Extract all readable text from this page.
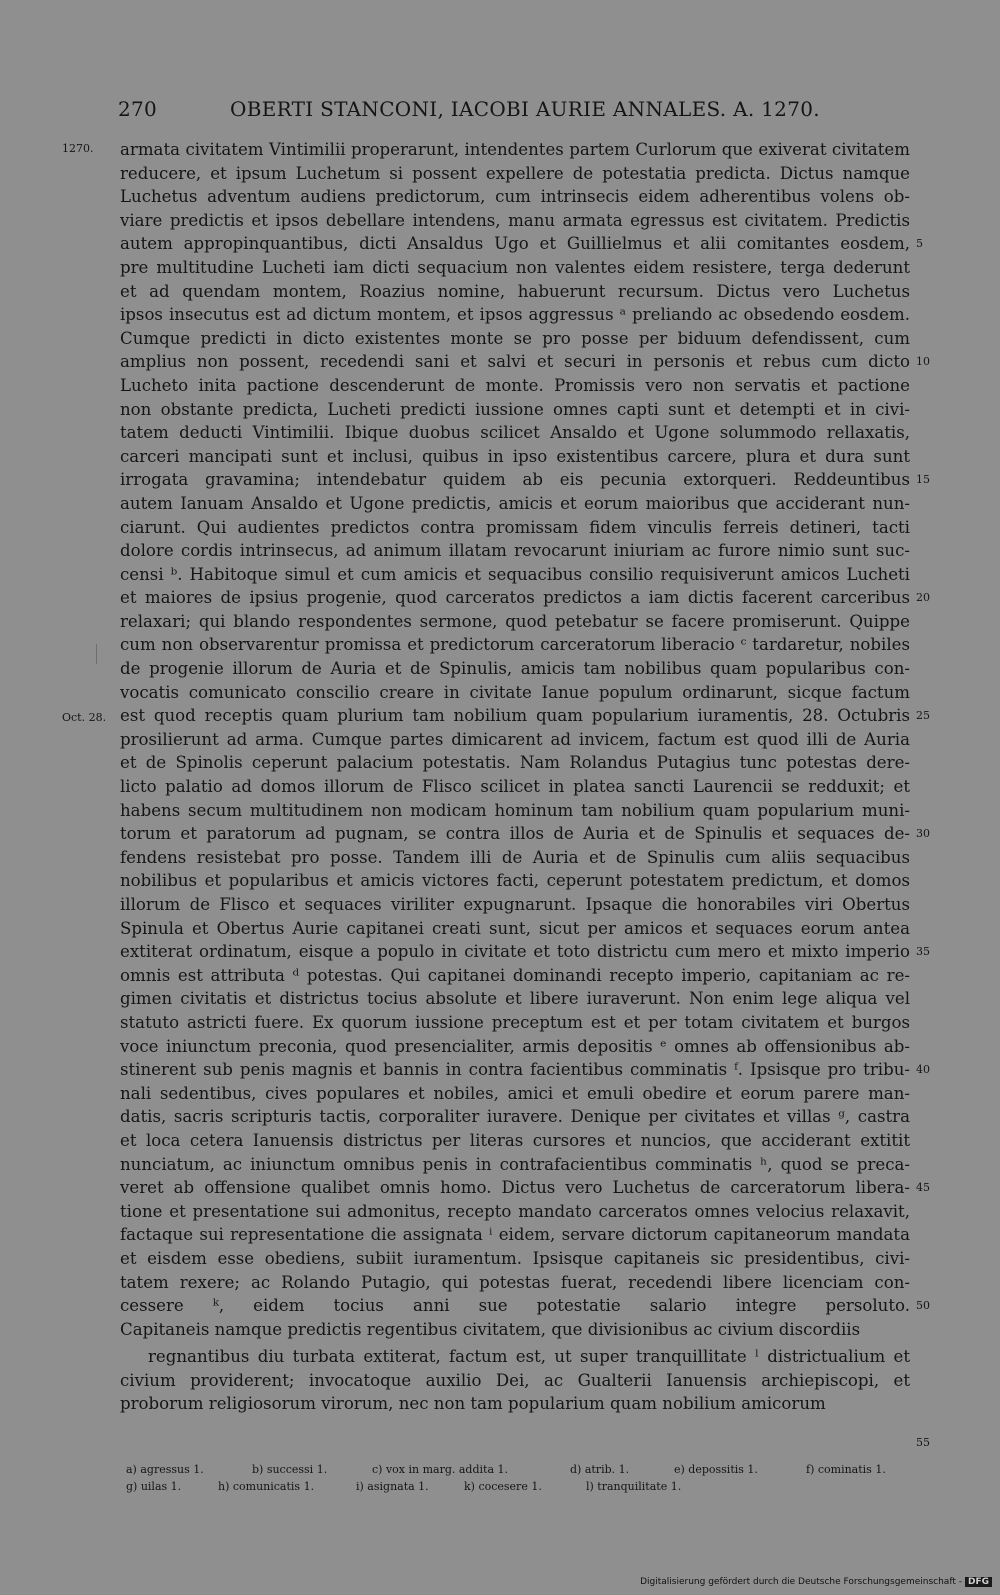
270	OBERTI STANCONI, IACOBI AURIE ANNALES. A. 1270.
1270.
Oct. 28.
armata civitatem Vintimilii properarunt, intendentes partem Curlorum que exiverat civitatem
reducere, et ipsum Luchetum si possent expellere de potestatia predicta. Dictus namque
Luchetus adventum audiens predictorum, cum intrinsecis eidem adherentibus volens ob-
viare predictis et ipsos debellare intendens, manu armata egressus est civitatem. Predictis
autem appropinquantibus, dicti Ansaldus Ugo et Guillielmus et alii comitantes eosdem,
pre multitudine Lucheti iam dicti sequacium non valentes eidem resistere, terga dederunt
et ad quendam montem, Roazius nomine, habuerunt recursum. Dictus vero Luchetus
ipsos insecutus est ad dictum montem, et ipsos aggressus ᵃ preliando ac obsedendo eosdem.
Cumque predicti in dicto existentes monte se pro posse per biduum defendissent, cum
amplius non possent, recedendi sani et salvi et securi in personis et rebus cum dicto
Lucheto inita pactione descenderunt de monte. Promissis vero non servatis et pactione
non obstante predicta, Lucheti predicti iussione omnes capti sunt et detempti et in civi-
tatem deducti Vintimilii. Ibique duobus scilicet Ansaldo et Ugone solummodo rellaxatis,
carceri mancipati sunt et inclusi, quibus in ipso existentibus carcere, plura et dura sunt
irrogata gravamina; intendebatur quidem ab eis pecunia extorqueri. Reddeuntibus
autem Ianuam Ansaldo et Ugone predictis, amicis et eorum maioribus que acciderant nun-
ciarunt. Qui audientes predictos contra promissam fidem vinculis ferreis detineri, tacti
dolore cordis intrinsecus, ad animum illatam revocarunt iniuriam ac furore nimio sunt suc-
censi ᵇ. Habitoque simul et cum amicis et sequacibus consilio requisiverunt amicos Lucheti
et maiores de ipsius progenie, quod carceratos predictos a iam dictis facerent carceribus
relaxari; qui blando respondentes sermone, quod petebatur se facere promiserunt. Quippe
cum non observarentur promissa et predictorum carceratorum liberacio ᶜ tardaretur, nobiles
de progenie illorum de Auria et de Spinulis, amicis tam nobilibus quam popularibus con-
vocatis comunicato conscilio creare in civitate Ianue populum ordinarunt, sicque factum
est quod receptis quam plurium tam nobilium quam popularium iuramentis, 28. Octubris
prosilierunt ad arma. Cumque partes dimicarent ad invicem, factum est quod illi de Auria
et de Spinolis ceperunt palacium potestatis. Nam Rolandus Putagius tunc potestas dere-
licto palatio ad domos illorum de Flisco scilicet in platea sancti Laurencii se redduxit; et
habens secum multitudinem non modicam hominum tam nobilium quam popularium muni-
torum et paratorum ad pugnam, se contra illos de Auria et de Spinulis et sequaces de-
fendens resistebat pro posse. Tandem illi de Auria et de Spinulis cum aliis sequacibus
nobilibus et popularibus et amicis victores facti, ceperunt potestatem predictum, et domos
illorum de Flisco et sequaces viriliter expugnarunt. Ipsaque die honorabiles viri Obertus
Spinula et Obertus Aurie capitanei creati sunt, sicut per amicos et sequaces eorum antea
extiterat ordinatum, eisque a populo in civitate et toto districtu cum mero et mixto imperio
omnis est attributa ᵈ potestas. Qui capitanei dominandi recepto imperio, capitaniam ac re-
gimen civitatis et districtus tocius absolute et libere iuraverunt. Non enim lege aliqua vel
statuto astricti fuere. Ex quorum iussione preceptum est et per totam civitatem et burgos
voce iniunctum preconia, quod presencialiter, armis depositis ᵉ omnes ab offensionibus ab-
stinerent sub penis magnis et bannis in contra facientibus comminatis ᶠ. Ipsisque pro tribu-
nali sedentibus, cives populares et nobiles, amici et emuli obedire et eorum parere man-
datis, sacris scripturis tactis, corporaliter iuravere. Denique per civitates et villas ᵍ, castra
et loca cetera Ianuensis districtus per literas cursores et nuncios, que acciderant extitit
nunciatum, ac iniunctum omnibus penis in contrafacientibus comminatis ʰ, quod se preca-
veret ab offensione qualibet omnis homo. Dictus vero Luchetus de carceratorum libera-
tione et presentatione sui admonitus, recepto mandato carceratos omnes velocius relaxavit,
factaque sui representatione die assignata ⁱ eidem, servare dictorum capitaneorum mandata
et eisdem esse obediens, subiit iuramentum. Ipsisque capitaneis sic presidentibus, civi-
tatem rexere; ac Rolando Putagio, qui potestas fuerat, recedendi libere licenciam con-
cessere ᵏ, eidem tocius anni sue potestatie salario integre persoluto.
Capitaneis namque predictis regentibus civitatem, que divisionibus ac civium discordiis
regnantibus diu turbata extiterat, factum est, ut super tranquillitate ˡ districtualium et
civium providerent; invocatoque auxilio Dei, ac Gualterii Ianuensis archiepiscopi, et
proborum religiosorum virorum, nec non tam popularium quam nobilium amicorum
5
10
15
20
25
30
35
40
45
50
55
a) agressus 1.	b) successi 1.	c) vox in marg. addita 1.	d) atrib. 1.	e) depossitis 1.	f) cominatis 1.
g) uilas 1.	h) comunicatis 1.	i) asignata 1.	k) cocesere 1.	l) tranquilitate 1.
Digitalisierung gefördert durch die Deutsche Forschungsgemeinschaft - DFG
